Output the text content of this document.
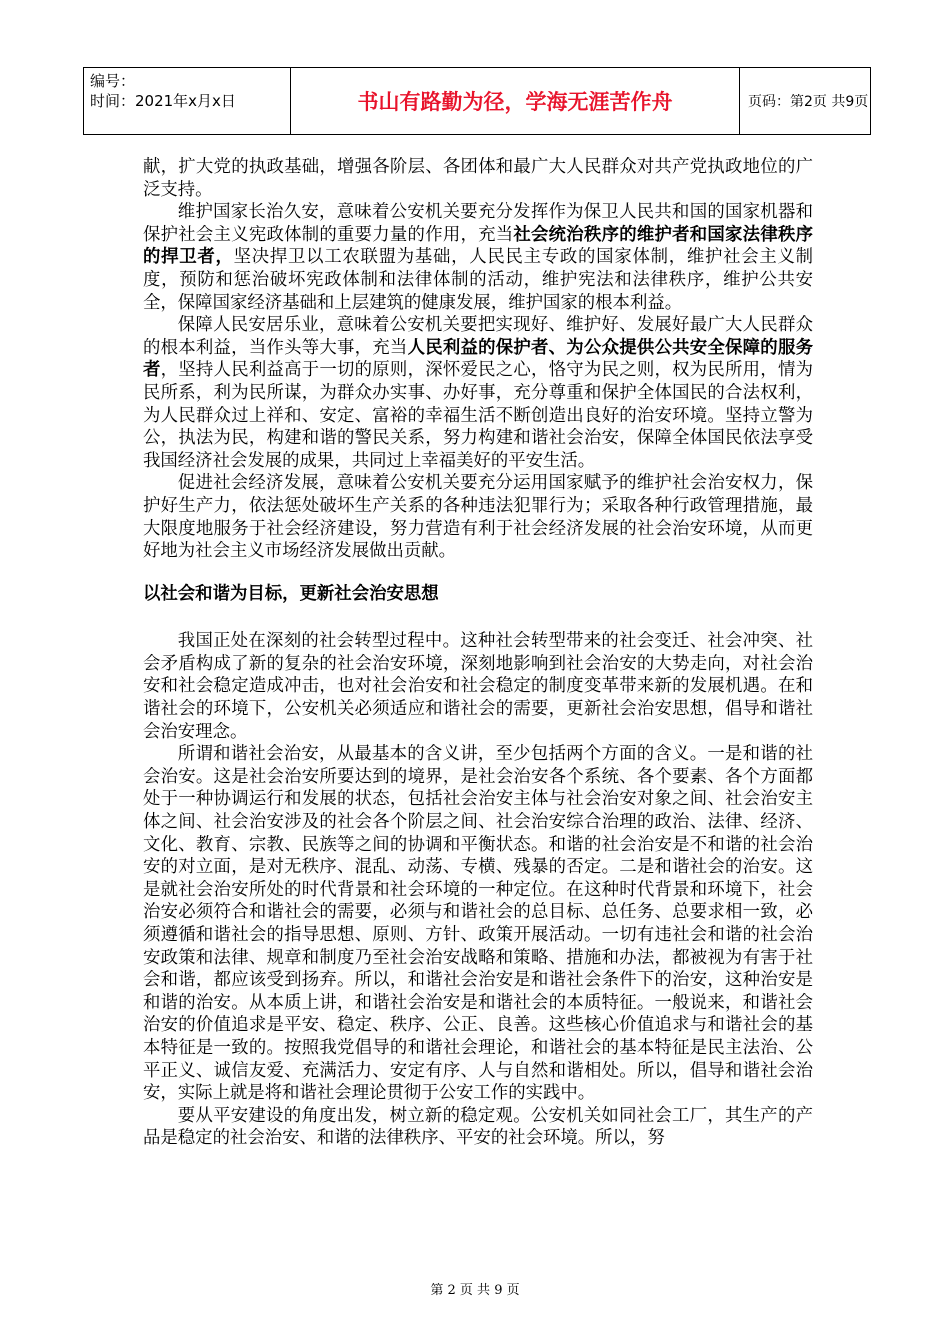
编号：
时间：2021年x月x日	书山有路勤为径，学海无涯苦作舟	页码：第2页 共9页

献，扩大党的执政基础，增强各阶层、各团体和最广大人民群众对共产党执政地位的广泛支持。

维护国家长治久安，意味着公安机关要充分发挥作为保卫人民共和国的国家机器和保护社会主义宪政体制的重要力量的作用，充当社会统治秩序的维护者和国家法律秩序的捍卫者，坚决捍卫以工农联盟为基础，人民民主专政的国家体制，维护社会主义制度，预防和惩治破坏宪政体制和法律体制的活动，维护宪法和法律秩序，维护公共安全，保障国家经济基础和上层建筑的健康发展，维护国家的根本利益。

保障人民安居乐业，意味着公安机关要把实现好、维护好、发展好最广大人民群众的根本利益，当作头等大事，充当人民利益的保护者、为公众提供公共安全保障的服务者，坚持人民利益高于一切的原则，深怀爱民之心，恪守为民之则，权为民所用，情为民所系，利为民所谋，为群众办实事、办好事，充分尊重和保护全体国民的合法权利，为人民群众过上祥和、安定、富裕的幸福生活不断创造出良好的治安环境。坚持立警为公，执法为民，构建和谐的警民关系，努力构建和谐社会治安，保障全体国民依法享受我国经济社会发展的成果，共同过上幸福美好的平安生活。

促进社会经济发展，意味着公安机关要充分运用国家赋予的维护社会治安权力，保护好生产力，依法惩处破坏生产关系的各种违法犯罪行为；采取各种行政管理措施，最大限度地服务于社会经济建设，努力营造有利于社会经济发展的社会治安环境，从而更好地为社会主义市场经济发展做出贡献。

以社会和谐为目标，更新社会治安思想

我国正处在深刻的社会转型过程中。这种社会转型带来的社会变迁、社会冲突、社会矛盾构成了新的复杂的社会治安环境，深刻地影响到社会治安的大势走向，对社会治安和社会稳定造成冲击，也对社会治安和社会稳定的制度变革带来新的发展机遇。在和谐社会的环境下，公安机关必须适应和谐社会的需要，更新社会治安思想，倡导和谐社会治安理念。

所谓和谐社会治安，从最基本的含义讲，至少包括两个方面的含义。一是和谐的社会治安。这是社会治安所要达到的境界，是社会治安各个系统、各个要素、各个方面都处于一种协调运行和发展的状态，包括社会治安主体与社会治安对象之间、社会治安主体之间、社会治安涉及的社会各个阶层之间、社会治安综合治理的政治、法律、经济、文化、教育、宗教、民族等之间的协调和平衡状态。和谐的社会治安是不和谐的社会治安的对立面，是对无秩序、混乱、动荡、专横、残暴的否定。二是和谐社会的治安。这是就社会治安所处的时代背景和社会环境的一种定位。在这种时代背景和环境下，社会治安必须符合和谐社会的需要，必须与和谐社会的总目标、总任务、总要求相一致，必须遵循和谐社会的指导思想、原则、方针、政策开展活动。一切有违社会和谐的社会治安政策和法律、规章和制度乃至社会治安战略和策略、措施和办法，都被视为有害于社会和谐，都应该受到扬弃。所以，和谐社会治安是和谐社会条件下的治安，这种治安是和谐的治安。从本质上讲，和谐社会治安是和谐社会的本质特征。一般说来，和谐社会治安的价值追求是平安、稳定、秩序、公正、良善。这些核心价值追求与和谐社会的基本特征是一致的。按照我党倡导的和谐社会理论，和谐社会的基本特征是民主法治、公平正义、诚信友爱、充满活力、安定有序、人与自然和谐相处。所以，倡导和谐社会治安，实际上就是将和谐社会理论贯彻于公安工作的实践中。

要从平安建设的角度出发，树立新的稳定观。公安机关如同社会工厂，其生产的产品是稳定的社会治安、和谐的法律秩序、平安的社会环境。所以，努

第 2 页 共 9 页
